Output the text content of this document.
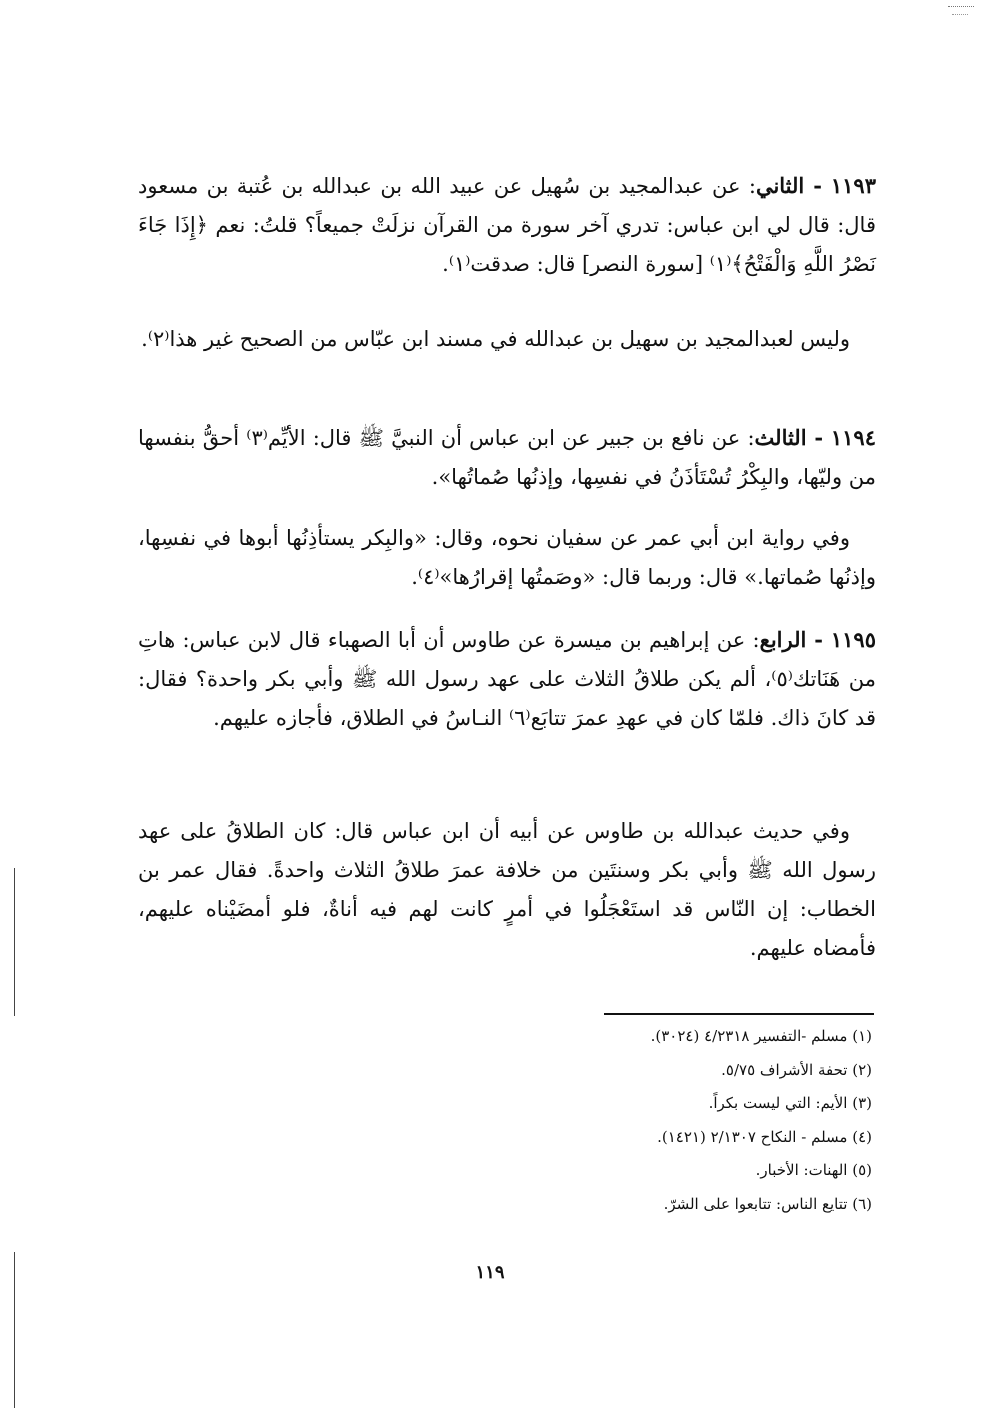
١١٩٣ - الثاني: عن عبدالمجيد بن سُهيل عن عبيد الله بن عبدالله بن عُتبة بن مسعود قال: قال لي ابن عباس: تدري آخر سورة من القرآن نزلَتْ جميعاً؟ قلتُ: نعم ﴿إِذَا جَاءَ نَصْرُ اللَّهِ وَالْفَتْحُ﴾⁽١⁾ [سورة النصر] قال: صدقت⁽١⁾.
وليس لعبدالمجيد بن سهيل بن عبدالله في مسند ابن عبّاس من الصحيح غير هذا⁽٢⁾.
١١٩٤ - الثالث: عن نافع بن جبير عن ابن عباس أن النبيَّ ﷺ قال: الأيِّم⁽٣⁾ أحقُّ بنفسها من وليّها، والبِكْرُ تُسْتَأذَنُ في نفسِها، وإذنُها صُماتُها».
وفي رواية ابن أبي عمر عن سفيان نحوه، وقال: «والبِكر يستأذِنُها أبوها في نفسِها، وإذنُها صُماتها.» قال: وربما قال: «وصَمتُها إقرارُها»⁽٤⁾.
١١٩٥ - الرابع: عن إبراهيم بن ميسرة عن طاوس أن أبا الصهباء قال لابن عباس: هاتِ من هَنَاتك⁽٥⁾، ألم يكن طلاقُ الثلاث على عهد رسول الله ﷺ وأبي بكر واحدة؟ فقال: قد كانَ ذاك. فلمّا كان في عهدِ عمرَ تتابَع⁽٦⁾ النـاسُ في الطلاق، فأجازه عليهم.
وفي حديث عبدالله بن طاوس عن أبيه أن ابن عباس قال: كان الطلاقُ على عهد رسول الله ﷺ وأبي بكر وسنتَين من خلافة عمرَ طلاقُ الثلاث واحدةً. فقال عمر بن الخطاب: إن النّاس قد استَعْجَلُوا في أمرٍ كانت لهم فيه أناةٌ، فلو أمضَيْناه عليهم، فأمضاه عليهم.
(١) مسلم -التفسير ٤/٢٣١٨ (٣٠٢٤).
(٢) تحفة الأشراف ٥/٧٥.
(٣) الأيم: التي ليست بكراً.
(٤) مسلم - النكاح ٢/١٣٠٧ (١٤٢١).
(٥) الهنات: الأخبار.
(٦) تتايع الناس: تتابعوا على الشرّ.
١١٩
